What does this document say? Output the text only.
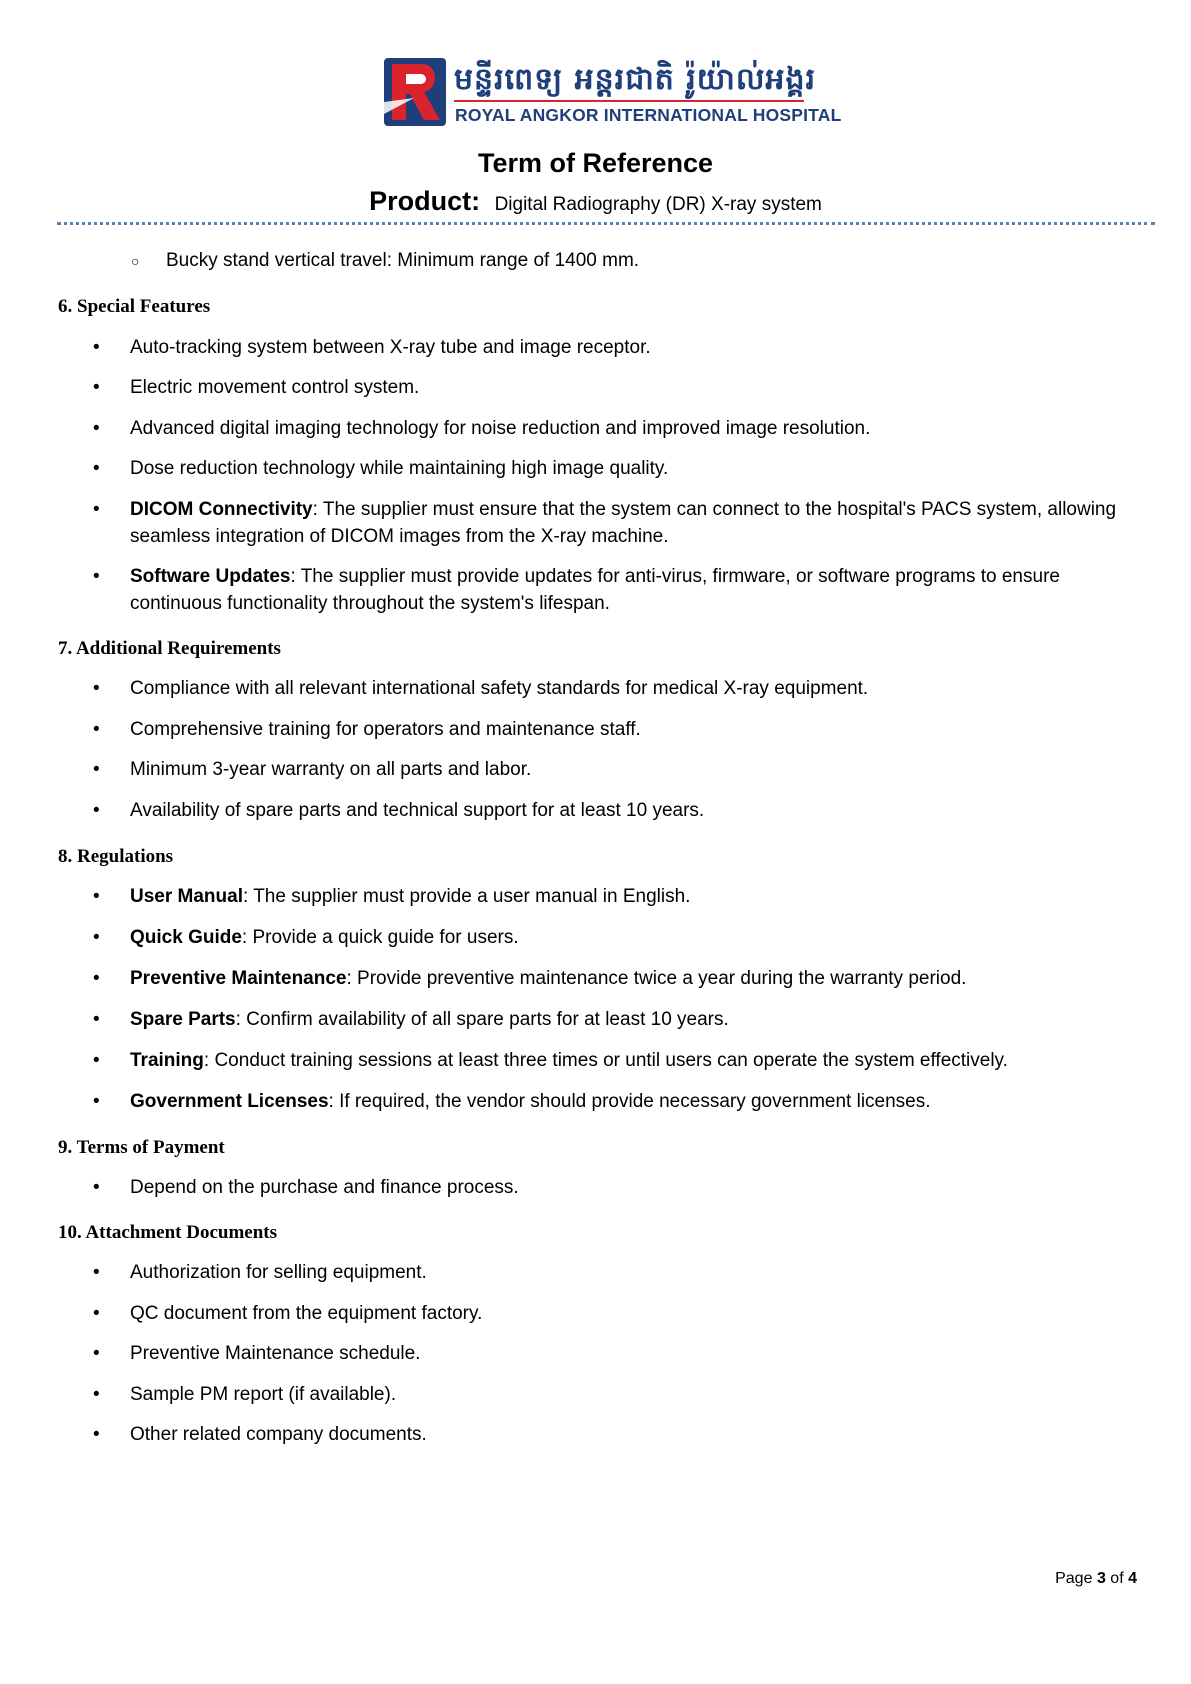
មន្ទីរពេទ្យ អន្តរជាតិ រ៉ូយ៉ាល់អង្គរ
ROYAL ANGKOR INTERNATIONAL HOSPITAL
Term of Reference
Product: Digital Radiography (DR) X-ray system
○ Bucky stand vertical travel: Minimum range of 1400 mm.
6. Special Features
• Auto-tracking system between X-ray tube and image receptor.
• Electric movement control system.
• Advanced digital imaging technology for noise reduction and improved image resolution.
• Dose reduction technology while maintaining high image quality.
• DICOM Connectivity: The supplier must ensure that the system can connect to the hospital's PACS system, allowing seamless integration of DICOM images from the X-ray machine.
• Software Updates: The supplier must provide updates for anti-virus, firmware, or software programs to ensure continuous functionality throughout the system's lifespan.
7. Additional Requirements
• Compliance with all relevant international safety standards for medical X-ray equipment.
• Comprehensive training for operators and maintenance staff.
• Minimum 3-year warranty on all parts and labor.
• Availability of spare parts and technical support for at least 10 years.
8. Regulations
• User Manual: The supplier must provide a user manual in English.
• Quick Guide: Provide a quick guide for users.
• Preventive Maintenance: Provide preventive maintenance twice a year during the warranty period.
• Spare Parts: Confirm availability of all spare parts for at least 10 years.
• Training: Conduct training sessions at least three times or until users can operate the system effectively.
• Government Licenses: If required, the vendor should provide necessary government licenses.
9. Terms of Payment
• Depend on the purchase and finance process.
10. Attachment Documents
• Authorization for selling equipment.
• QC document from the equipment factory.
• Preventive Maintenance schedule.
• Sample PM report (if available).
• Other related company documents.
Page 3 of 4
